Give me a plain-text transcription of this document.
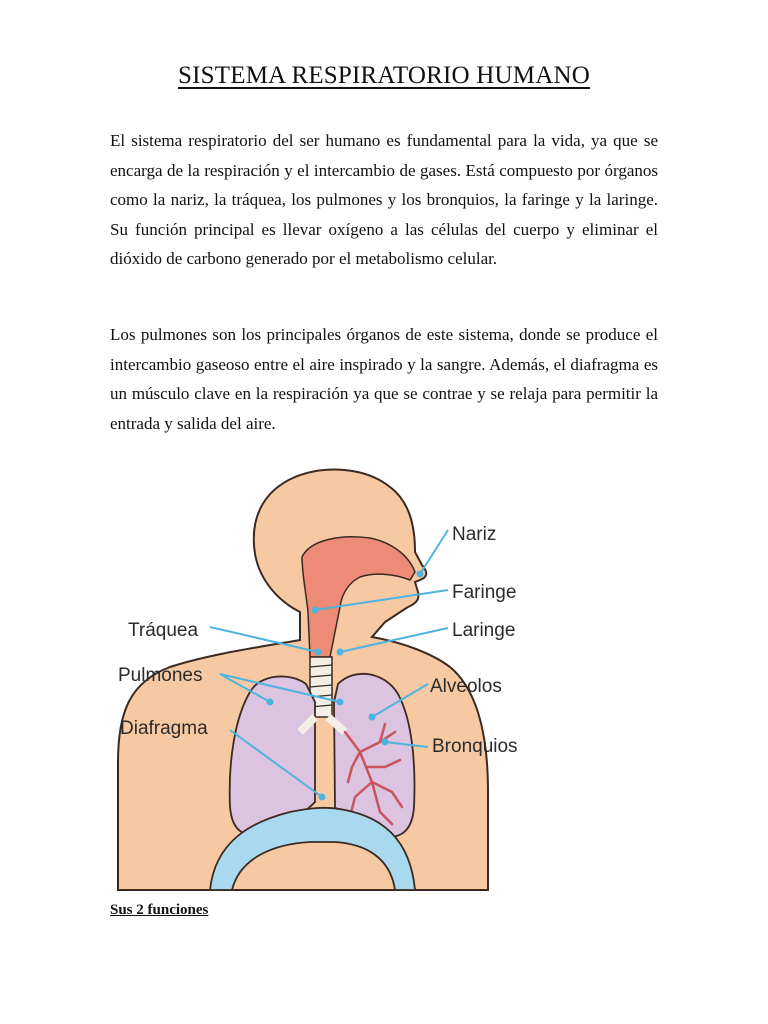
SISTEMA RESPIRATORIO HUMANO
El sistema respiratorio del ser humano es fundamental para la vida, ya que se encarga de la respiración y el intercambio de gases. Está compuesto por órganos como la nariz, la tráquea, los pulmones y los bronquios, la faringe y la laringe. Su función principal es llevar oxígeno a las células del cuerpo y eliminar el dióxido de carbono generado por el metabolismo celular.
Los pulmones son los principales órganos de este sistema, donde se produce el intercambio gaseoso entre el aire inspirado y la sangre. Además, el diafragma es un músculo clave en la respiración ya que se contrae y se relaja para permitir la entrada y salida del aire.
Nariz
Faringe
Laringe
Tráquea
Pulmones
Alveolos
Diafragma
Bronquios
Sus 2 funciones
